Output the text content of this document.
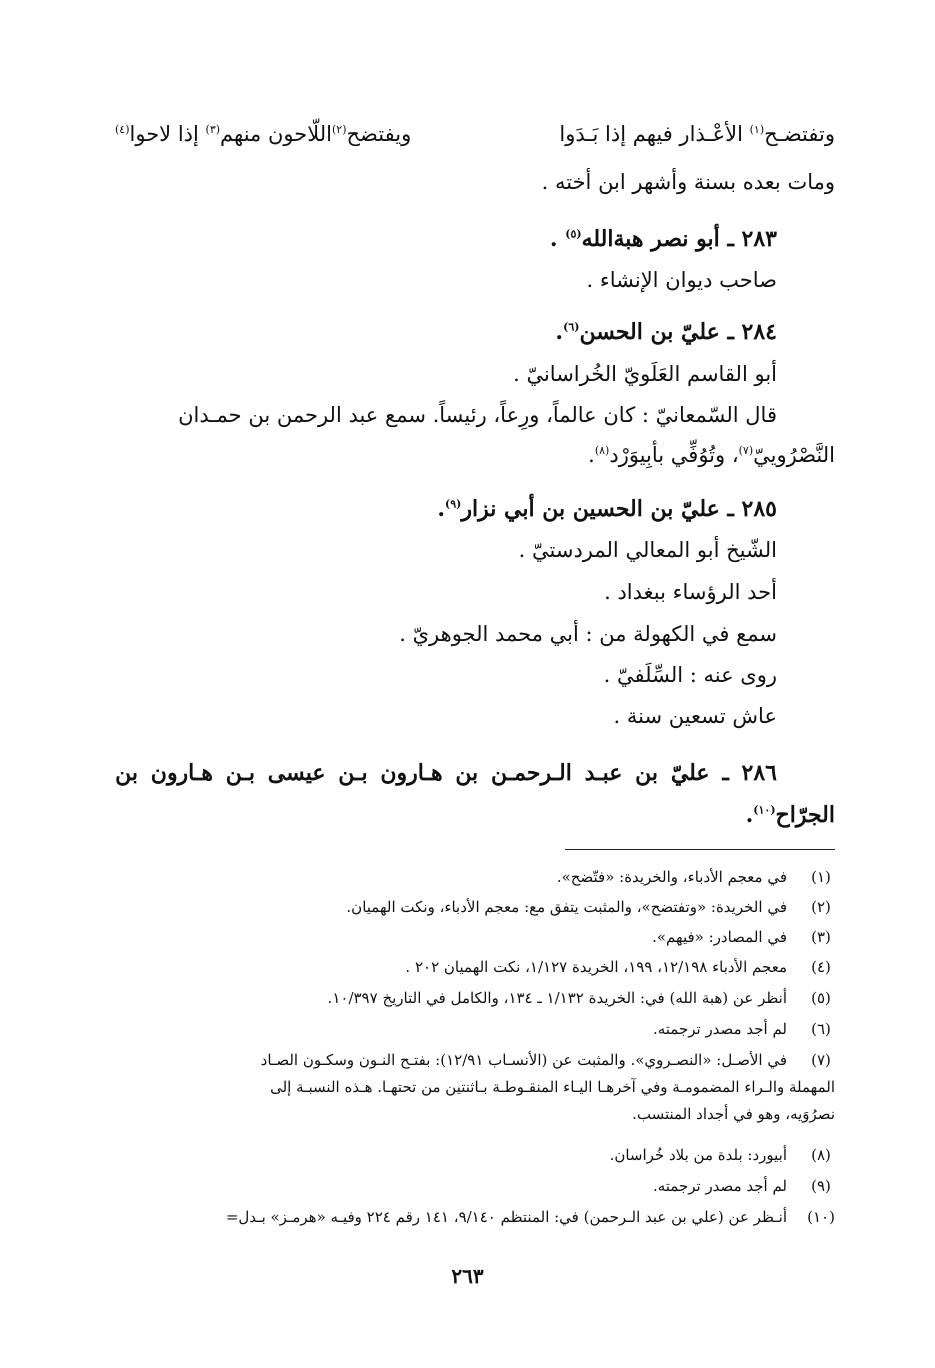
وتفتضـح$^{(١)}$ الأعْـذار فيهم إذا بَـدَوا
ويفتضح$^{(٢)}$اللّاحون منهم$^{(٣)}$ إذا لاحوا$^{(٤)}$

ومات بعده بسنة وأشهر ابن أخته .

٢٨٣ ـ أبو نصر هبةالله$^{(٥)}$ .

صاحب ديوان الإنشاء .

٢٨٤ ـ عليّ بن الحسن$^{(٦)}$.

أبو القاسم العَلَويّ الخُراسانيّ .

قال السّمعانيّ : كان عالماً، ورِعاً، رئيساً. سمع عبد الرحمن بن حمـدان

النَّصْرُوييّ$^{(٧)}$، وتُوُفِّي بأبِيوَرْد$^{(٨)}$.

٢٨٥ ـ عليّ بن الحسين بن أبي نزار$^{(٩)}$.

الشّيخ أبو المعالي المردستيّ .

أحد الرؤساء ببغداد .

سمع في الكهولة من : أبي محمد الجوهريّ .

روى عنه : السِّلَفيّ .

عاش تسعين سنة .

٢٨٦
ـ
عليّ
بن
عبـد
الـرحمـن
بن
هـارون
بـن
عيسى
بـن
هـارون
بن

الجرّاح$^{(١٠)}$.

(١)
في معجم الأدباء، والخريدة: «فتّضح».
(٢)
في الخريدة: «وتفتضح»، والمثبت يتفق مع: معجم الأدباء، ونكت الهميان.
(٣)
في المصادر: «فيهم».
(٤)
معجم الأدباء ١٢/١٩٨، ١٩٩، الخريدة ١/١٢٧، نكت الهميان ٢٠٢ .
(٥)
أنظر عن (هبة الله) في: الخريدة ١/١٣٢ ـ ١٣٤، والكامل في التاريخ ١٠/٣٩٧.
(٦)
لم أجد مصدر ترجمته.
(٧)
في الأصـل: «النصـروي». والمثبت عن (الأنسـاب ١٢/٩١): بفتـح النـون وسكـون الصـاد
المهملة والـراء المضمومـة وفي آخرهـا اليـاء المنقـوطـة بـاثنتين من تحتهـا. هـذه النسبـة إلى
نصرُوَيه، وهو في أجداد المنتسب.
(٨)
أبيورد: بلدة من بلاد خُراسان.
(٩)
لم أجد مصدر ترجمته.
(١٠)
أنـظر عن (علي بن عبد الـرحمن) في: المنتظم ٩/١٤٠، ١٤١ رقم ٢٢٤ وفيـه «هرمـز» بـدل=
٢٦٣
